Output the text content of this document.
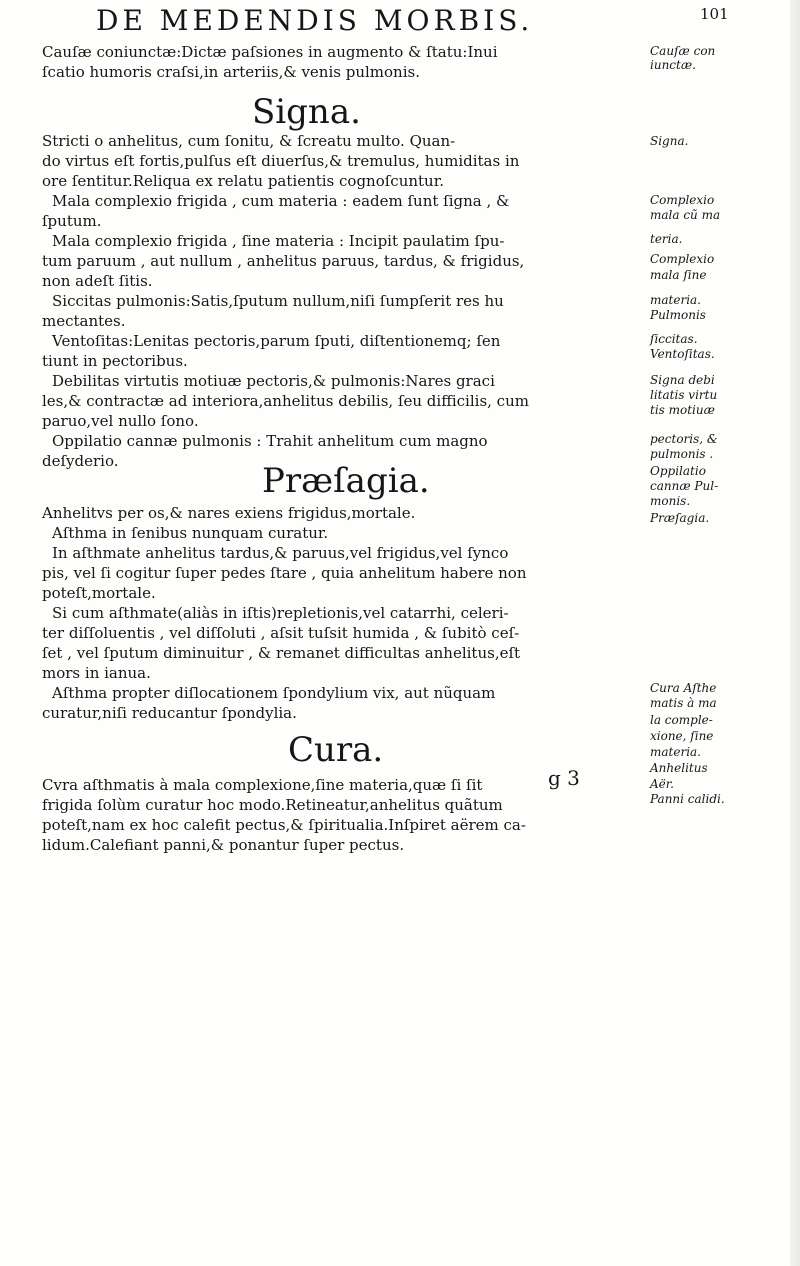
DE MEDENDIS MORBIS.	101
Cauſæ coniunctæ:Dictæ paſsiones in augmento & ſtatu:Inui
ſcatio humoris craſsi,in arteriis,& venis pulmonis.
Cauſæ con
iunctæ.
Signa.
Stricti o anhelitus, cum ſonitu, & ſcreatu multo. Quan-
do virtus eſt fortis,pulſus eſt diuerſus,& tremulus, humiditas in
ore ſentitur.Reliqua ex relatu patientis cognoſcuntur.
Mala complexio frigida , cum materia : eadem ſunt ſigna , &
ſputum.
Mala complexio frigida , ſine materia : Incipit paulatim ſpu-
tum paruum , aut nullum , anhelitus paruus, tardus, & frigidus,
non adeſt ſitis.
Siccitas pulmonis:Satis,ſputum nullum,niſi ſumpſerit res hu
mectantes.
Ventoſitas:Lenitas pectoris,parum ſputi, diſtentionemq; ſen
tiunt in pectoribus.
Debilitas virtutis motiuæ pectoris,& pulmonis:Nares graci
les,& contractæ ad interiora,anhelitus debilis, ſeu difficilis, cum
paruo,vel nullo ſono.
Oppilatio cannæ pulmonis : Trahit anhelitum cum magno
deſyderio.
Signa.
Complexio
mala cũ ma
teria.
Complexio
mala ſine
materia.
Pulmonis
ſiccitas.
Ventoſitas.
Signa debi
litatis virtu
tis motiuæ
pectoris, &
pulmonis .
Oppilatio
cannæ Pul-
monis.
Præſagia.
Anhelitvs per os,& nares exiens frigidus,mortale.
Aſthma in ſenibus nunquam curatur.
In aſthmate anhelitus tardus,& paruus,vel frigidus,vel ſynco
pis, vel ſi cogitur ſuper pedes ſtare , quia anhelitum habere non
poteſt,mortale.
Si cum aſthmate(aliàs in iſtis)repletionis,vel catarrhi, celeri-
ter diſſoluentis , vel diſſoluti , aſsit tuſsit humida , & ſubitò ceſ-
ſet , vel ſputum diminuitur , & remanet difficultas anhelitus,eſt
mors in ianua.
Aſthma propter diſlocationem ſpondylium vix, aut nũquam
curatur,niſi reducantur ſpondylia.
Præſagia.
Cura Aſthe
matis à ma
la comple-
xione, ſine
materia.
Anhelitus
Aër.
Panni calidi.
Cura.
Cvra aſthmatis à mala complexione,ſine materia,quæ ſi ſit
frigida ſolùm curatur hoc modo.Retineatur,anhelitus quãtum
poteſt,nam ex hoc calefit pectus,& ſpiritualia.Inſpiret aërem ca-
lidum.Calefiant panni,& ponantur ſuper pectus.
g 3
